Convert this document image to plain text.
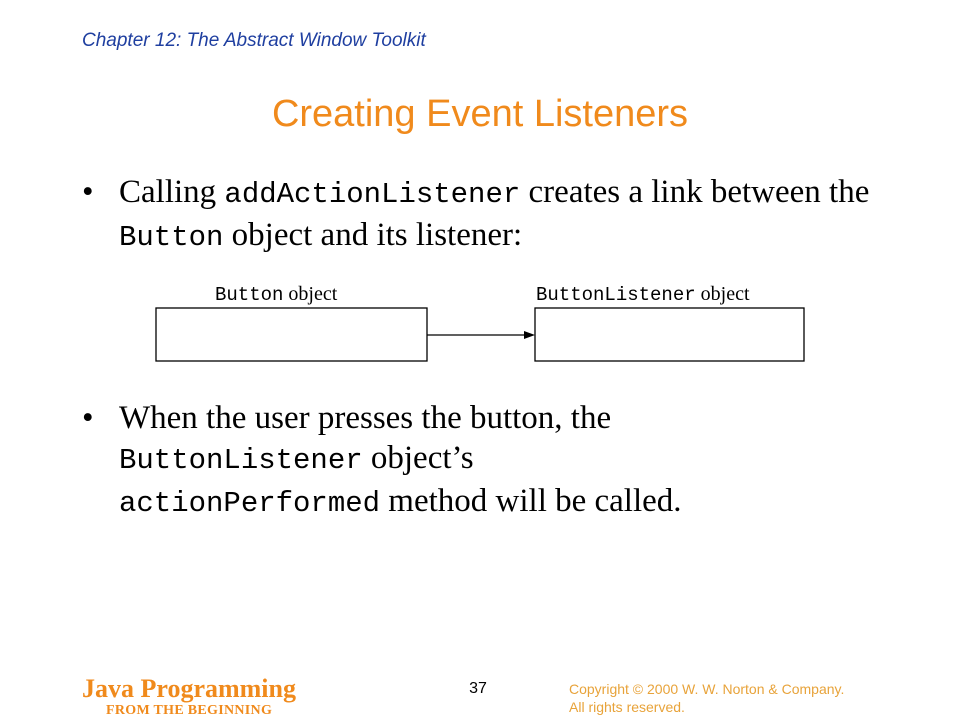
Chapter 12: The Abstract Window Toolkit
Creating Event Listeners
• Calling addActionListener creates a link between the Button object and its listener:
Button object	ButtonListener object
• When the user presses the button, the
ButtonListener object’s
actionPerformed method will be called.
Java Programming
FROM THE BEGINNING
37	Copyright © 2000 W. W. Norton & Company.
All rights reserved.
